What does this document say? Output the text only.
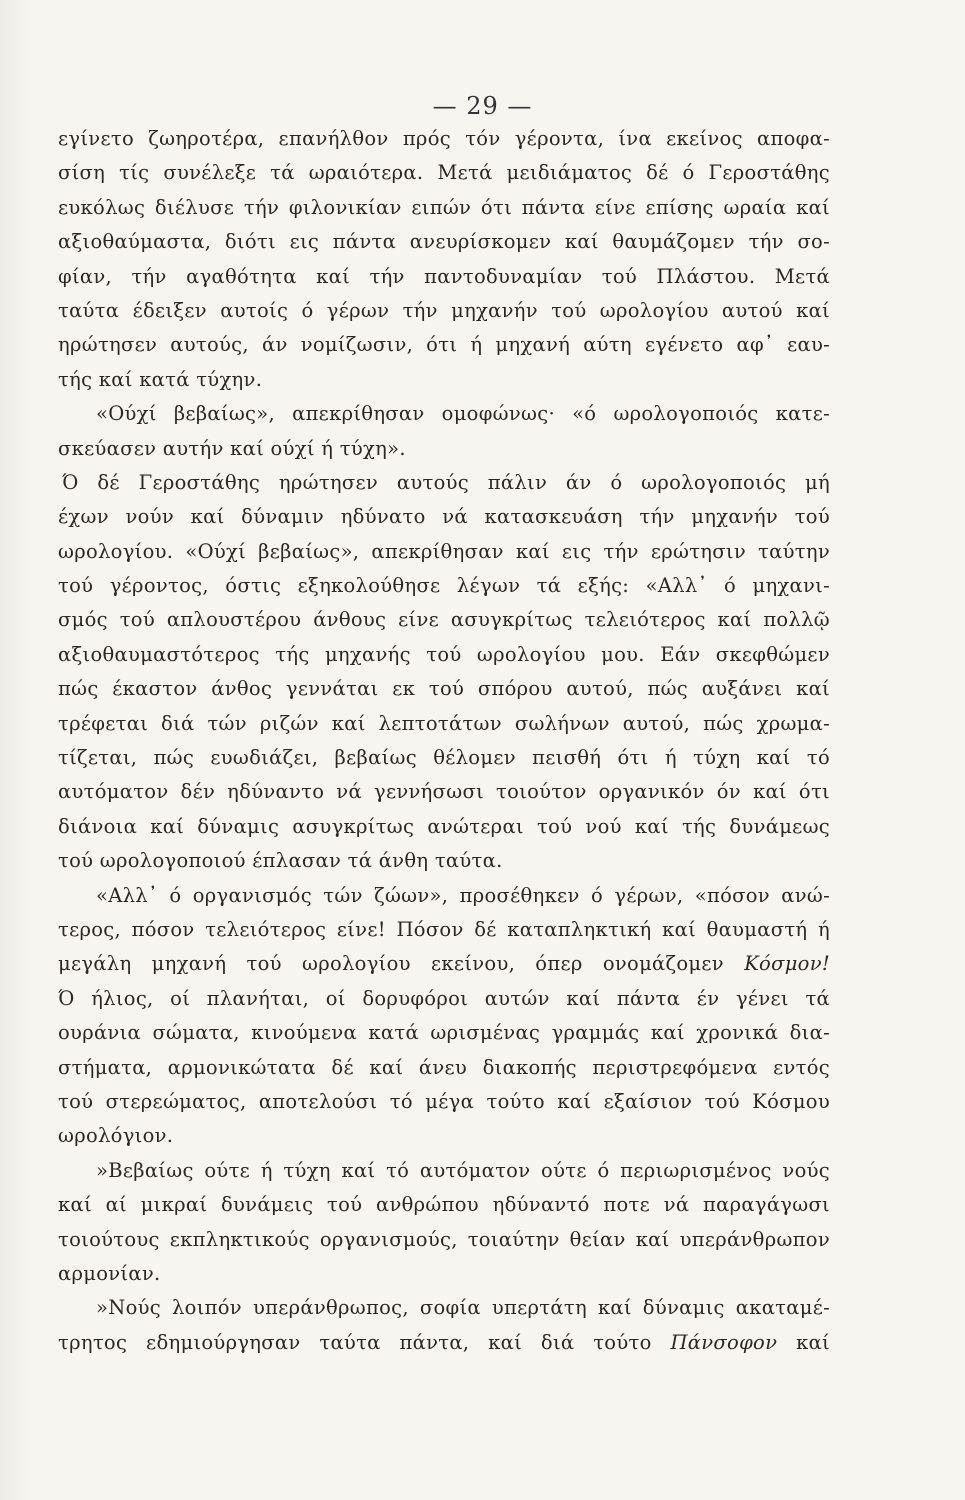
— 29 —
εγίνετο ζωηροτέρα, επανήλθον πρός τόν γέροντα, ίνα εκείνος αποφα-
σίση τίς συνέλεξε τά ωραιότερα. Μετά μειδιάματος δέ ό Γεροστάθης
ευκόλως διέλυσε τήν φιλονικίαν ειπών ότι πάντα είνε επίσης ωραία καί
αξιοθαύμαστα, διότι εις πάντα ανευρίσκομεν καί θαυμάζομεν τήν σο-
φίαν, τήν αγαθότητα καί τήν παντοδυναμίαν τού Πλάστου. Μετά
ταύτα έδειξεν αυτοίς ό γέρων τήν μηχανήν τού ωρολογίου αυτού καί
ηρώτησεν αυτούς, άν νομίζωσιν, ότι ή μηχανή αύτη εγένετο αφ᾽ εαυ-
τής καί κατά τύχην.
«Ούχί βεβαίως», απεκρίθησαν ομοφώνως· «ό ωρολογοποιός κατε-
σκεύασεν αυτήν καί ούχί ή τύχη».
Ό δέ Γεροστάθης ηρώτησεν αυτούς πάλιν άν ό ωρολογοποιός μή
έχων νούν καί δύναμιν ηδύνατο νά κατασκευάση τήν μηχανήν τού
ωρολογίου. «Ούχί βεβαίως», απεκρίθησαν καί εις τήν ερώτησιν ταύτην
τού γέροντος, όστις εξηκολούθησε λέγων τά εξής: «Αλλ᾽ ό μηχανι-
σμός τού απλουστέρου άνθους είνε ασυγκρίτως τελειότερος καί πολλῷ
αξιοθαυμαστότερος τής μηχανής τού ωρολογίου μου. Εάν σκεφθώμεν
πώς έκαστον άνθος γεννάται εκ τού σπόρου αυτού, πώς αυξάνει καί
τρέφεται διά τών ριζών καί λεπτοτάτων σωλήνων αυτού, πώς χρωμα-
τίζεται, πώς ευωδιάζει, βεβαίως θέλομεν πεισθή ότι ή τύχη καί τό
αυτόματον δέν ηδύναντο νά γεννήσωσι τοιούτον οργανικόν όν καί ότι
διάνοια καί δύναμις ασυγκρίτως ανώτεραι τού νού καί τής δυνάμεως
τού ωρολογοποιού έπλασαν τά άνθη ταύτα.
«Αλλ᾽ ό οργανισμός τών ζώων», προσέθηκεν ό γέρων, «πόσον ανώ-
τερος, πόσον τελειότερος είνε! Πόσον δέ καταπληκτική καί θαυμαστή ή
μεγάλη μηχανή τού ωρολογίου εκείνου, όπερ ονομάζομεν Κόσμον!
Ό ήλιος, οί πλανήται, οί δορυφόροι αυτών καί πάντα έν γένει τά
ουράνια σώματα, κινούμενα κατά ωρισμένας γραμμάς καί χρονικά δια-
στήματα, αρμονικώτατα δέ καί άνευ διακοπής περιστρεφόμενα εντός
τού στερεώματος, αποτελούσι τό μέγα τούτο καί εξαίσιον τού Κόσμου
ωρολόγιον.
»Βεβαίως ούτε ή τύχη καί τό αυτόματον ούτε ό περιωρισμένος νούς
καί αί μικραί δυνάμεις τού ανθρώπου ηδύναντό ποτε νά παραγάγωσι
τοιούτους εκπληκτικούς οργανισμούς, τοιαύτην θείαν καί υπεράνθρωπον
αρμονίαν.
»Νούς λοιπόν υπεράνθρωπος, σοφία υπερτάτη καί δύναμις ακαταμέ-
τρητος εδημιούργησαν ταύτα πάντα, καί διά τούτο Πάνσοφον καί
